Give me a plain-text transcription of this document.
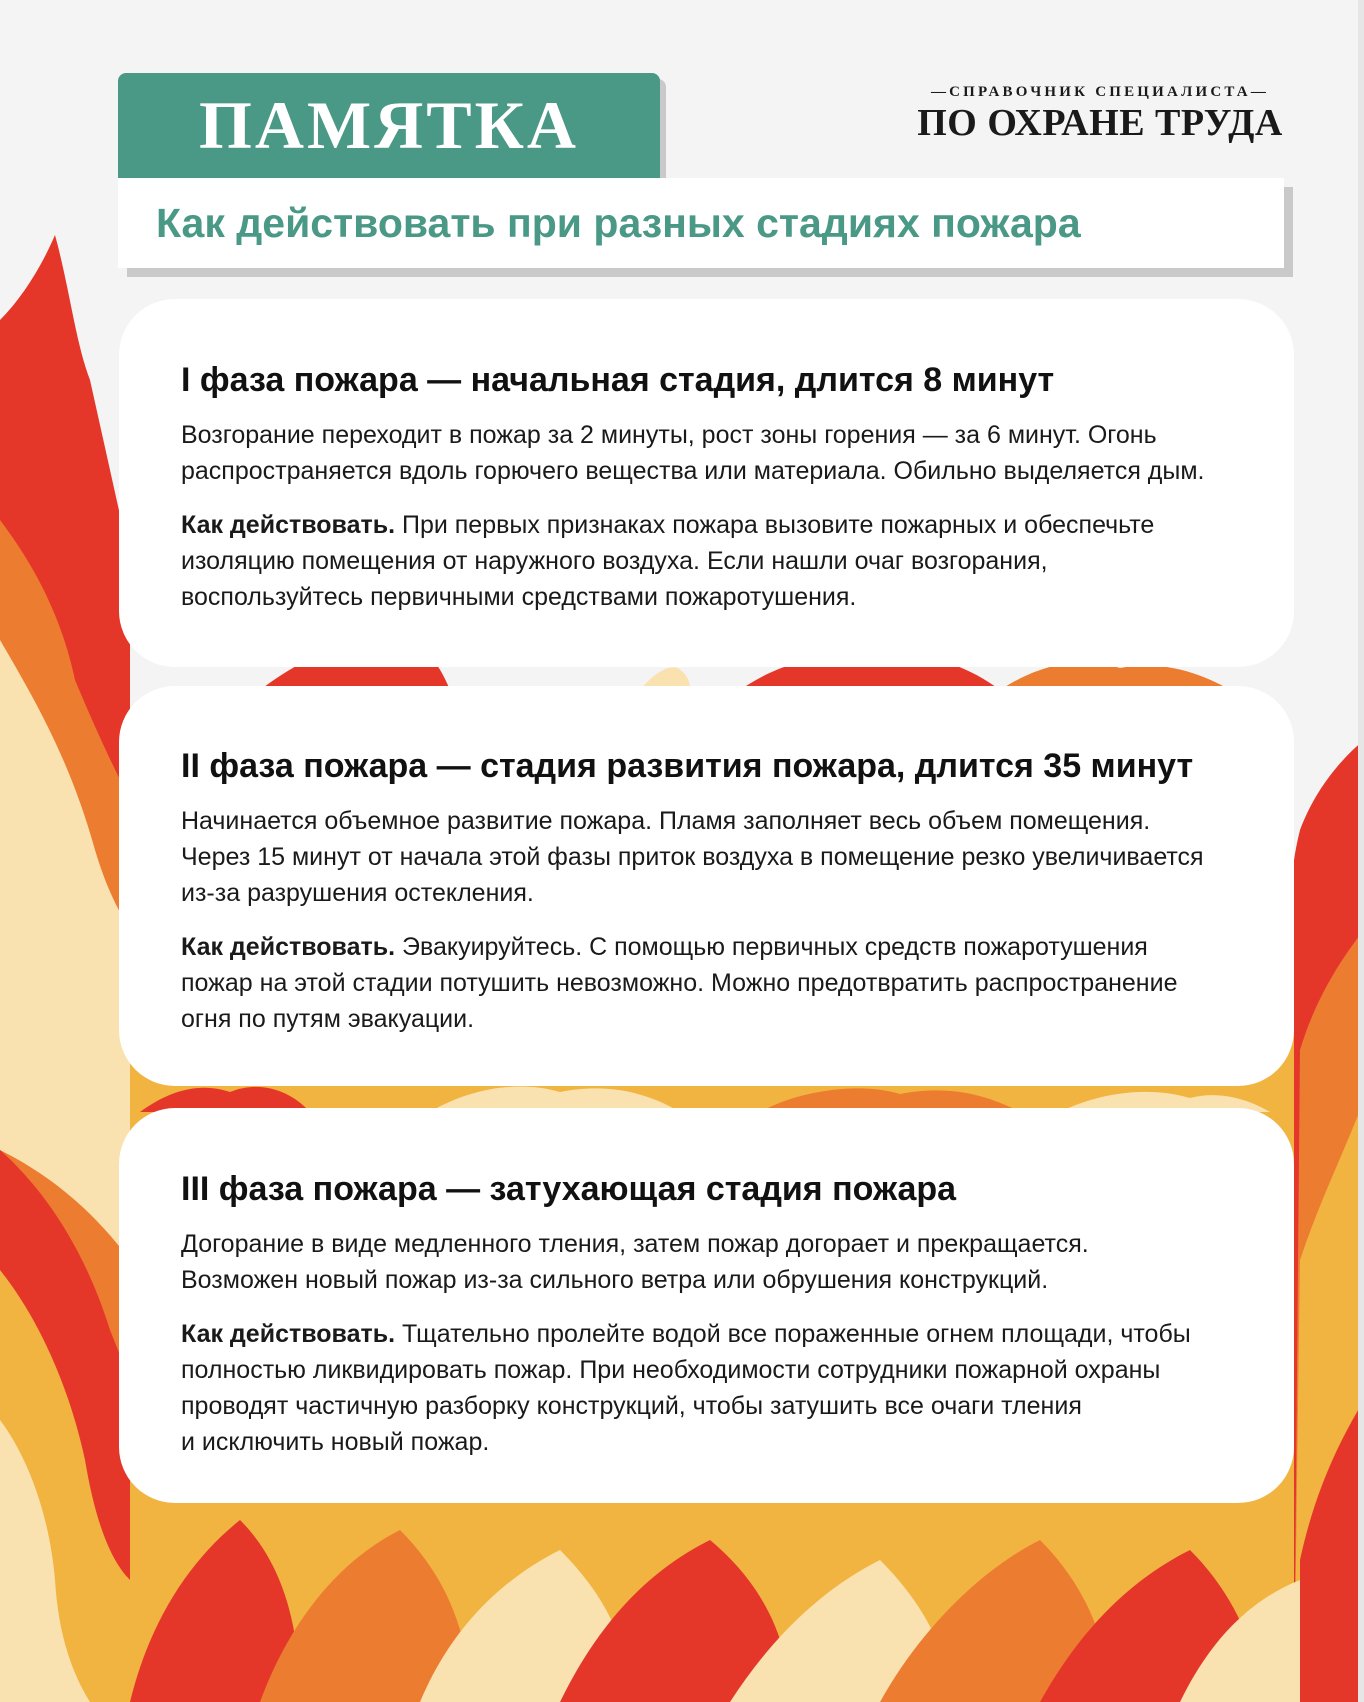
ПАМЯТКА	—СПРАВОЧНИК СПЕЦИАЛИСТА—
ПО ОХРАНЕ ТРУДА
Как действовать при разных стадиях пожара
I фаза пожара — начальная стадия, длится 8 минут

Возгорание переходит в пожар за 2 минуты, рост зоны горения — за 6 минут. Огонь
распространяется вдоль горючего вещества или материала. Обильно выделяется дым.

Как действовать. При первых признаках пожара вызовите пожарных и обеспечьте
изоляцию помещения от наружного воздуха. Если нашли очаг возгорания,
воспользуйтесь первичными средствами пожаротушения.

II фаза пожара — стадия развития пожара, длится 35 минут

Начинается объемное развитие пожара. Пламя заполняет весь объем помещения.
Через 15 минут от начала этой фазы приток воздуха в помещение резко увеличивается
из-за разрушения остекления.

Как действовать. Эвакуируйтесь. С помощью первичных средств пожаротушения
пожар на этой стадии потушить невозможно. Можно предотвратить распространение
огня по путям эвакуации.

III фаза пожара — затухающая стадия пожара

Догорание в виде медленного тления, затем пожар догорает и прекращается.
Возможен новый пожар из-за сильного ветра или обрушения конструкций.

Как действовать. Тщательно пролейте водой все пораженные огнем площади, чтобы
полностью ликвидировать пожар. При необходимости сотрудники пожарной охраны
проводят частичную разборку конструкций, чтобы затушить все очаги тления
и исключить новый пожар.
